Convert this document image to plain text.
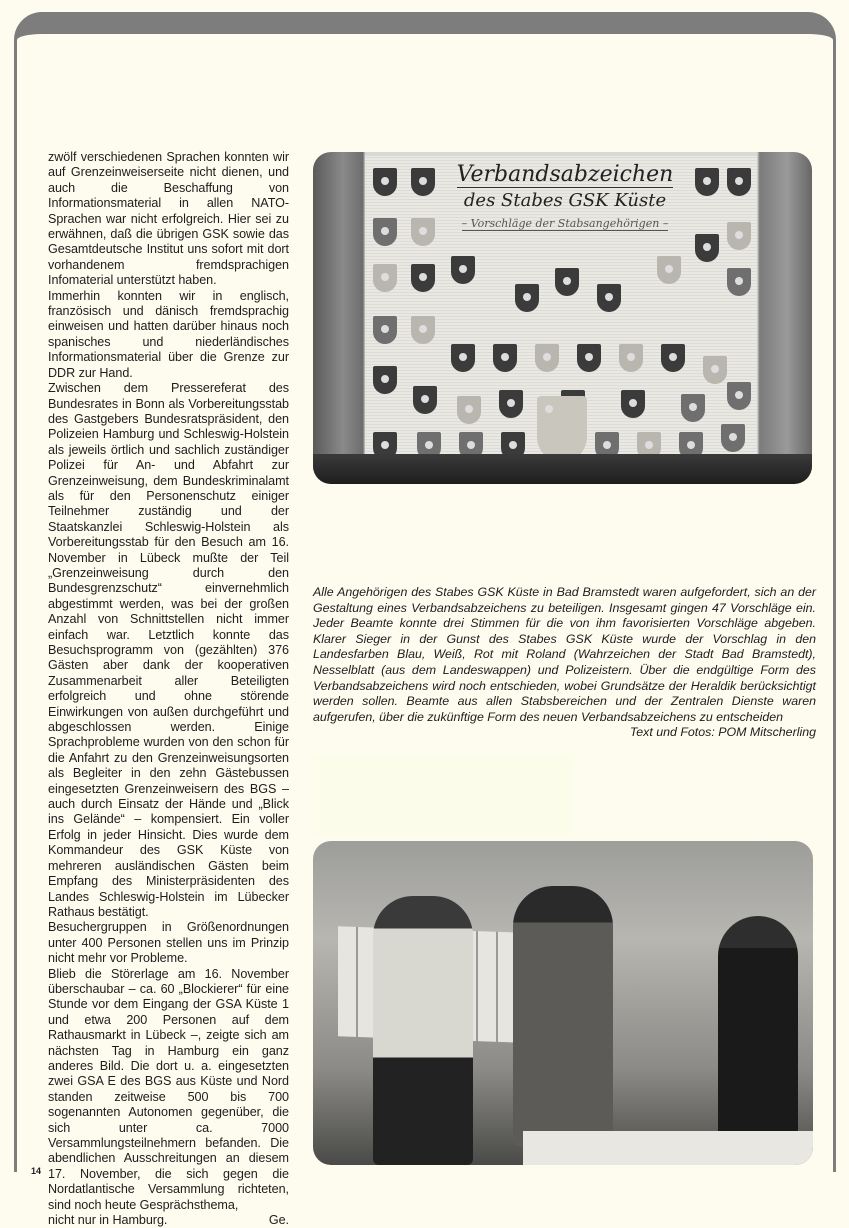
zwölf verschiedenen Sprachen konnten wir auf Grenzeinweiserseite nicht dienen, und auch die Beschaffung von Informationsmaterial in allen NATO-Sprachen war nicht erfolgreich. Hier sei zu erwähnen, daß die übrigen GSK sowie das Gesamtdeutsche Institut uns sofort mit dort vorhandenem fremdsprachigen Infomaterial unterstützt haben.

Immerhin konnten wir in englisch, französisch und dänisch fremdsprachig einweisen und hatten darüber hinaus noch spanisches und niederländisches Informationsmaterial über die Grenze zur DDR zur Hand.

Zwischen dem Pressereferat des Bundesrates in Bonn als Vorbereitungsstab des Gastgebers Bundesratspräsident, den Polizeien Hamburg und Schleswig-Holstein als jeweils örtlich und sachlich zuständiger Polizei für An- und Abfahrt zur Grenzeinweisung, dem Bundeskriminalamt als für den Personenschutz einiger Teilnehmer zuständig und der Staatskanzlei Schleswig-Holstein als Vorbereitungsstab für den Besuch am 16. November in Lübeck mußte der Teil „Grenzeinweisung durch den Bundesgrenzschutz“ einvernehmlich abgestimmt werden, was bei der großen Anzahl von Schnittstellen nicht immer einfach war. Letztlich konnte das Besuchsprogramm von (gezählten) 376 Gästen aber dank der kooperativen Zusammenarbeit aller Beteiligten erfolgreich und ohne störende Einwirkungen von außen durchgeführt und abgeschlossen werden. Einige Sprachprobleme wurden von den schon für die Anfahrt zu den Grenzeinweisungsorten als Begleiter in den zehn Gästebussen eingesetzten Grenzeinweisern des BGS – auch durch Einsatz der Hände und „Blick ins Gelände“ – kompensiert. Ein voller Erfolg in jeder Hinsicht. Dies wurde dem Kommandeur des GSK Küste von mehreren ausländischen Gästen beim Empfang des Ministerpräsidenten des Landes Schleswig-Holstein im Lübecker Rathaus bestätigt.

Besuchergruppen in Größenordnungen unter 400 Personen stellen uns im Prinzip nicht mehr vor Probleme.

Blieb die Störerlage am 16. November überschaubar – ca. 60 „Blockierer“ für eine Stunde vor dem Eingang der GSA Küste 1 und etwa 200 Personen auf dem Rathausmarkt in Lübeck –, zeigte sich am nächsten Tag in Hamburg ein ganz anderes Bild. Die dort u. a. eingesetzten zwei GSA E des BGS aus Küste und Nord standen zeitweise 500 bis 700 sogenannten Autonomen gegenüber, die sich unter ca. 7000 Versammlungsteilnehmern befanden. Die abendlichen Ausschreitungen an diesem 17. November, die sich gegen die Nordatlantische Versammlung richteten, sind noch heute Gesprächsthema,

nicht nur in Hamburg.	Ge.
14
Verbandsabzeichen
des Stabes GSK Küste
– Vorschläge der Stabsangehörigen –

Alle Angehörigen des Stabes GSK Küste in Bad Bramstedt waren aufgefordert, sich an der Gestaltung eines Verbandsabzeichens zu beteiligen. Insgesamt gingen 47 Vorschläge ein. Jeder Beamte konnte drei Stimmen für die von ihm favorisierten Vorschläge abgeben. Klarer Sieger in der Gunst des Stabes GSK Küste wurde der Vorschlag in den Landesfarben Blau, Weiß, Rot mit Roland (Wahrzeichen der Stadt Bad Bramstedt), Nesselblatt (aus dem Landeswappen) und Polizeistern. Über die endgültige Form des Verbandsabzeichens wird noch entschieden, wobei Grundsätze der Heraldik berücksichtigt werden sollen. Beamte aus allen Stabsbereichen und der Zentralen Dienste waren aufgerufen, über die zukünftige Form des neuen Verbandsabzeichens zu entscheiden

Text und Fotos: POM Mitscherling
